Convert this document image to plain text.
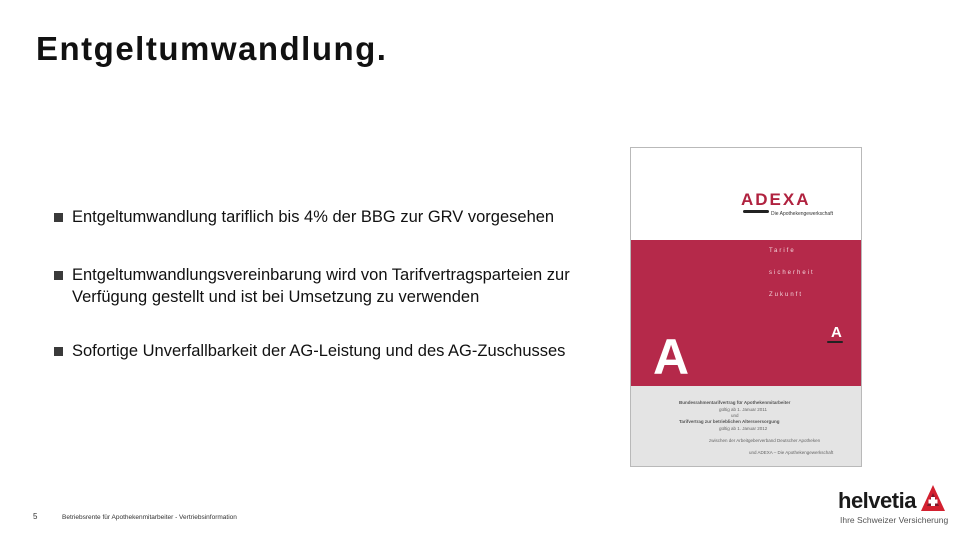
Entgeltumwandlung.
Entgeltumwandlung tariflich bis 4% der BBG zur GRV vorgesehen
Entgeltumwandlungsvereinbarung wird von Tarifvertragsparteien zur Verfügung gestellt und ist bei Umsetzung zu verwenden
Sofortige Unverfallbarkeit der AG-Leistung und des AG-Zuschusses
ADEXA
Die Apothekengewerkschaft
Tarife
sicherheit
Zukunft
A
A
Bundesrahmentarifvertrag für Apothekenmitarbeiter
gültig ab 1. Januar 2011
und
Tarifvertrag zur betrieblichen Altersversorgung
gültig ab 1. Januar 2012
zwischen der Arbeitgeberverband Deutscher Apotheken
und ADEXA – Die Apothekengewerkschaft
5	Betriebsrente für Apothekenmitarbeiter - Vertriebsinformation
helvetia
Ihre Schweizer Versicherung
